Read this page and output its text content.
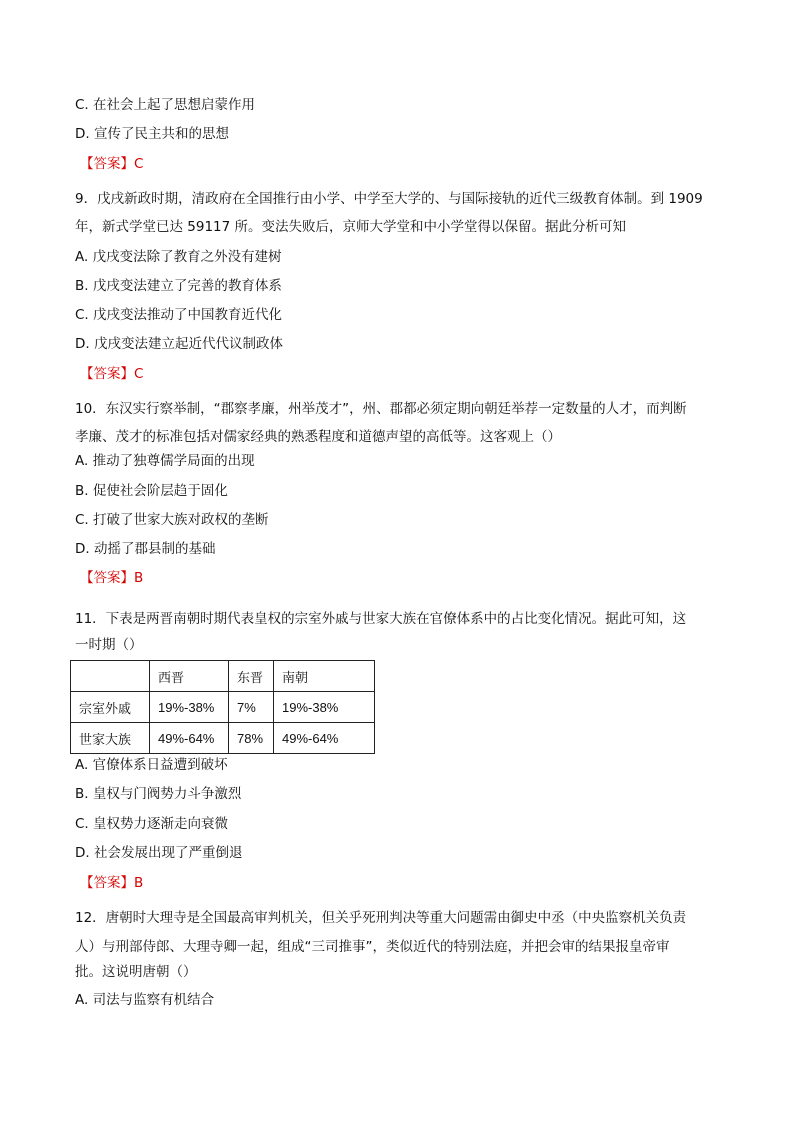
C. 在社会上起了思想启蒙作用
D. 宣传了民主共和的思想
【答案】C
9．戊戌新政时期，清政府在全国推行由小学、中学至大学的、与国际接轨的近代三级教育体制。到 1909
年，新式学堂已达 59117 所。变法失败后，京师大学堂和中小学堂得以保留。据此分析可知
A. 戊戌变法除了教育之外没有建树
B. 戊戌变法建立了完善的教育体系
C. 戊戌变法推动了中国教育近代化
D. 戊戌变法建立起近代代议制政体
【答案】C
10．东汉实行察举制，“郡察孝廉，州举茂才”，州、郡都必须定期向朝廷举荐一定数量的人才，而判断
孝廉、茂才的标准包括对儒家经典的熟悉程度和道德声望的高低等。这客观上（）
A. 推动了独尊儒学局面的出现
B. 促使社会阶层趋于固化
C. 打破了世家大族对政权的垄断
D. 动摇了郡县制的基础
【答案】B
11．下表是两晋南朝时期代表皇权的宗室外戚与世家大族在官僚体系中的占比变化情况。据此可知，这
一时期（）
	西晋	东晋	南朝
宗室外戚	19%-38%	7%	19%-38%
世家大族	49%-64%	78%	49%-64%
A. 官僚体系日益遭到破坏
B. 皇权与门阀势力斗争激烈
C. 皇权势力逐渐走向衰微
D. 社会发展出现了严重倒退
【答案】B
12．唐朝时大理寺是全国最高审判机关，但关乎死刑判决等重大问题需由御史中丞（中央监察机关负责
人）与刑部侍郎、大理寺卿一起，组成“三司推事”，类似近代的特别法庭，并把会审的结果报皇帝审
批。这说明唐朝（）
A. 司法与监察有机结合
